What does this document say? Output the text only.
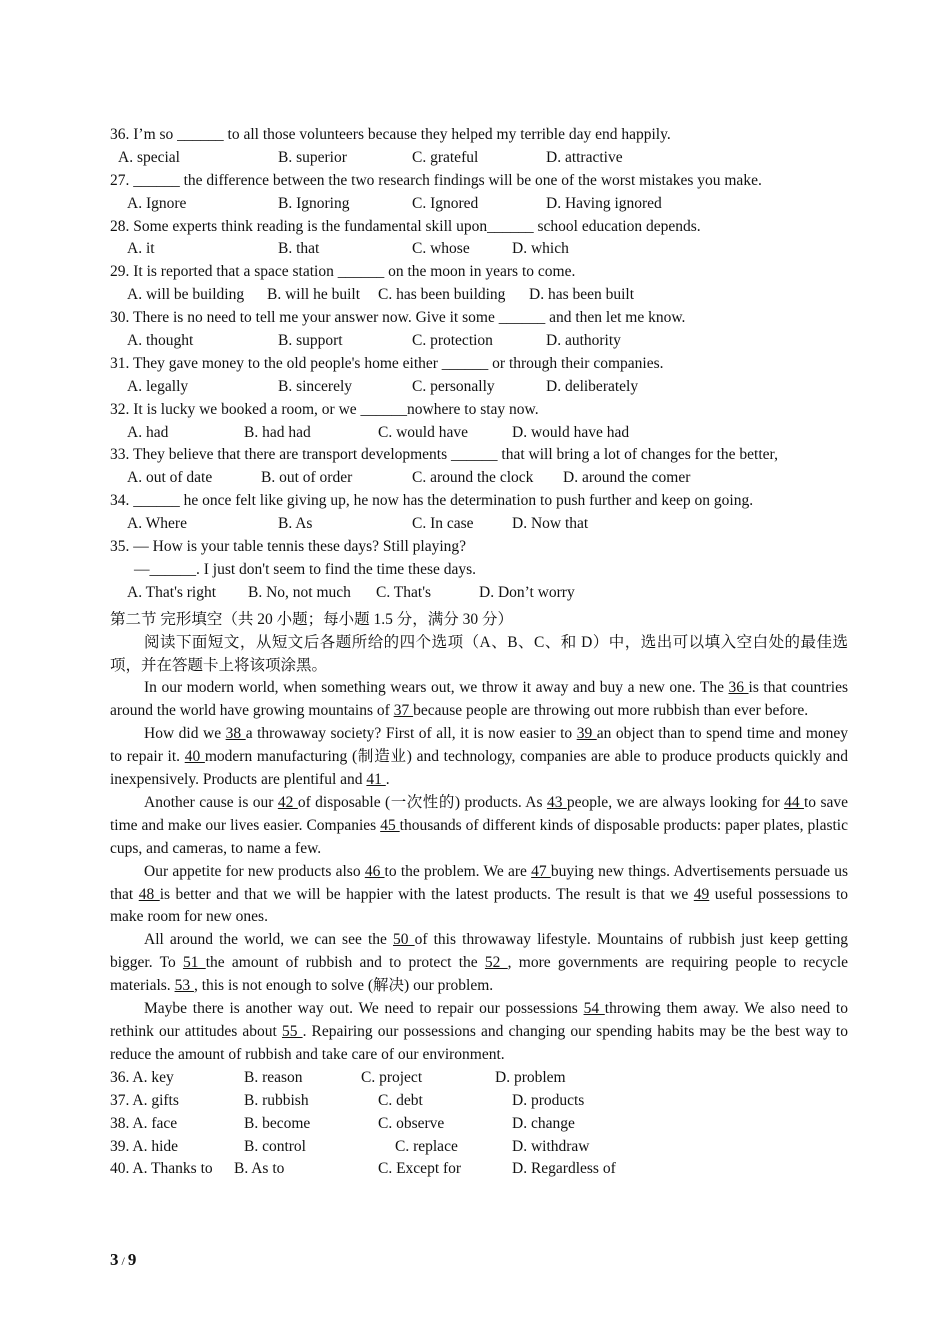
36. I’m so ______ to all those volunteers because they helped my terrible day end happily.
A. special	B. superior	C. grateful	D. attractive
27. ______ the difference between the two research findings will be one of the worst mistakes you make.
A. Ignore	B. Ignoring	C. Ignored	D. Having ignored
28. Some experts think reading is the fundamental skill upon______ school education depends.
A. it	B. that	C. whose	D. which
29. It is reported that a space station ______ on the moon in years to come.
A. will be building B. will he built C. has been building D. has been built
30. There is no need to tell me your answer now. Give it some ______ and then let me know.
A. thought	B. support	C. protection	D. authority
31. They gave money to the old people's home either ______ or through their companies.
A. legally	B. sincerely	C. personally	D. deliberately
32. It is lucky we booked a room, or we ______nowhere to stay now.
A. had	B. had had	C. would have	D. would have had
33. They believe that there are transport developments ______ that will bring a lot of changes for the better,
A. out of date	B. out of order	C. around the clock D. around the comer
34. ______ he once felt like giving up, he now has the determination to push further and keep on going.
A. Where	B. As	C. In case D. Now that
35. — How is your table tennis these days? Still playing?
—______. I just don't seem to find the time these days.
A. That's right B. No, not much C. That's	D. Don’t worry
第二节 完形填空（共 20 小题；每小题 1.5 分，满分 30 分）
阅读下面短文，从短文后各题所给的四个选项（A、B、C、和 D）中，选出可以填入空白处的最佳选项，并在答题卡上将该项涂黑。
In our modern world, when something wears out, we throw it away and buy a new one. The 36 is that countries around the world have growing mountains of 37 because people are throwing out more rubbish than ever before.
How did we 38 a throwaway society? First of all, it is now easier to 39 an object than to spend time and money to repair it. 40 modern manufacturing (制造业) and technology, companies are able to produce products quickly and inexpensively. Products are plentiful and 41 .
Another cause is our 42 of disposable (一次性的) products. As 43 people, we are always looking for 44 to save time and make our lives easier. Companies 45 thousands of different kinds of disposable products: paper plates, plastic cups, and cameras, to name a few.
Our appetite for new products also 46 to the problem. We are 47 buying new things. Advertisements persuade us that 48 is better and that we will be happier with the latest products. The result is that we 49 useful possessions to make room for new ones.
All around the world, we can see the 50 of this throwaway lifestyle. Mountains of rubbish just keep getting bigger. To 51 the amount of rubbish and to protect the 52 , more governments are requiring people to recycle materials. 53 , this is not enough to solve (解决) our problem.
Maybe there is another way out. We need to repair our possessions 54 throwing them away. We also need to rethink our attitudes about 55 . Repairing our possessions and changing our spending habits may be the best way to reduce the amount of rubbish and take care of our environment.
36. A. key	B. reason	C. project	D. problem
37. A. gifts	B. rubbish	C. debt	D. products
38. A. face	B. become	C. observe	D. change
39. A. hide	B. control	C. replace	D. withdraw
40. A. Thanks to B. As to	C. Except for	D. Regardless of
3 / 9
